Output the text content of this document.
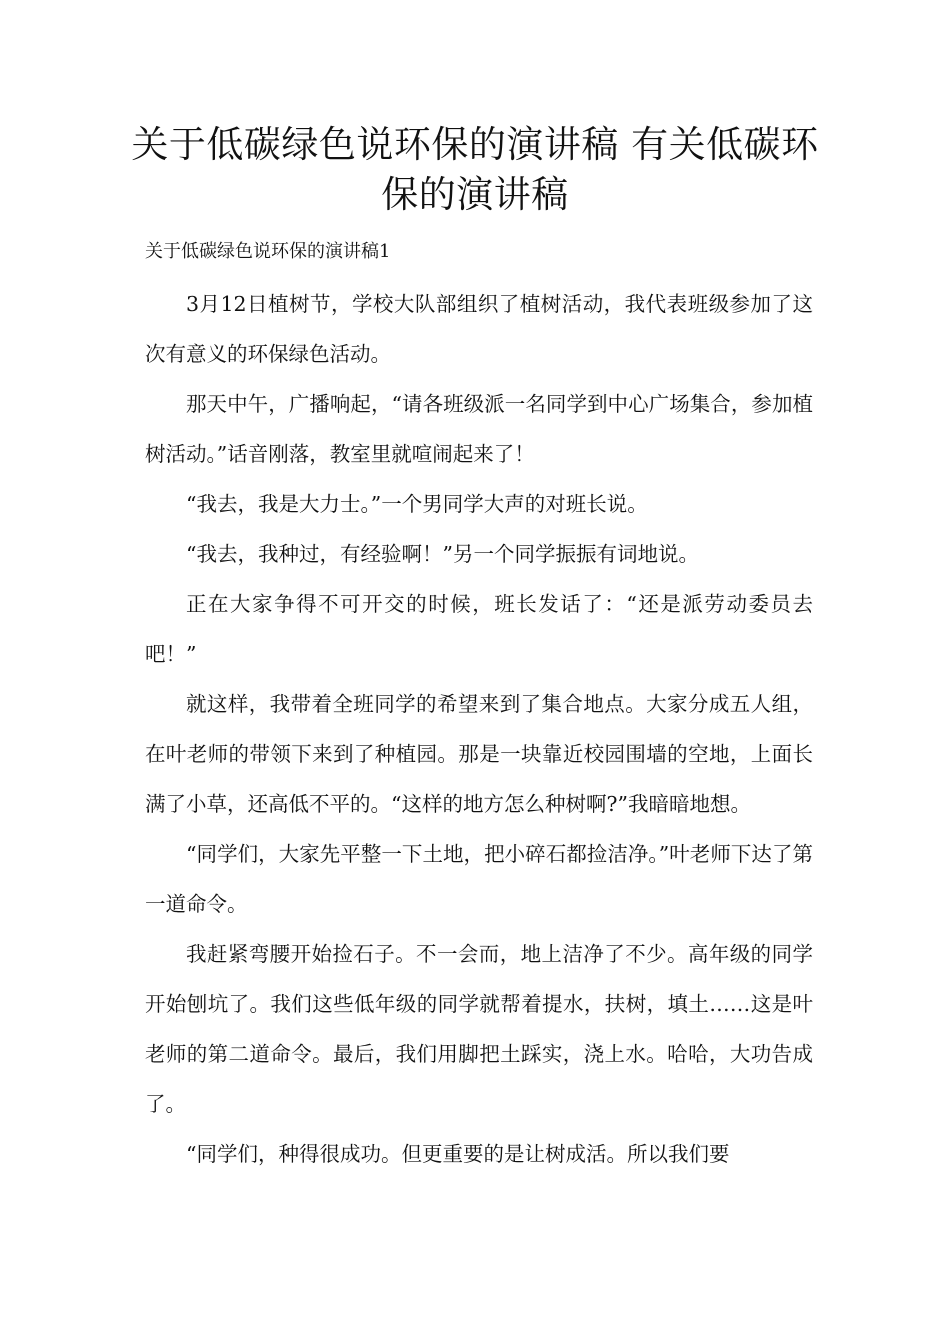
关于低碳绿色说环保的演讲稿 有关低碳环保的演讲稿

关于低碳绿色说环保的演讲稿1

3月12日植树节，学校大队部组织了植树活动，我代表班级参加了这次有意义的环保绿色活动。

那天中午，广播响起，“请各班级派一名同学到中心广场集合，参加植树活动。”话音刚落，教室里就喧闹起来了！

“我去，我是大力士。”一个男同学大声的对班长说。

“我去，我种过，有经验啊！”另一个同学振振有词地说。

正在大家争得不可开交的时候，班长发话了：“还是派劳动委员去吧！”

就这样，我带着全班同学的希望来到了集合地点。大家分成五人组，在叶老师的带领下来到了种植园。那是一块靠近校园围墙的空地，上面长满了小草，还高低不平的。“这样的地方怎么种树啊?”我暗暗地想。

“同学们，大家先平整一下土地，把小碎石都捡洁净。”叶老师下达了第一道命令。

我赶紧弯腰开始捡石子。不一会而，地上洁净了不少。高年级的同学开始刨坑了。我们这些低年级的同学就帮着提水，扶树，填土……这是叶老师的第二道命令。最后，我们用脚把土踩实，浇上水。哈哈，大功告成了。

“同学们，种得很成功。但更重要的是让树成活。所以我们要
